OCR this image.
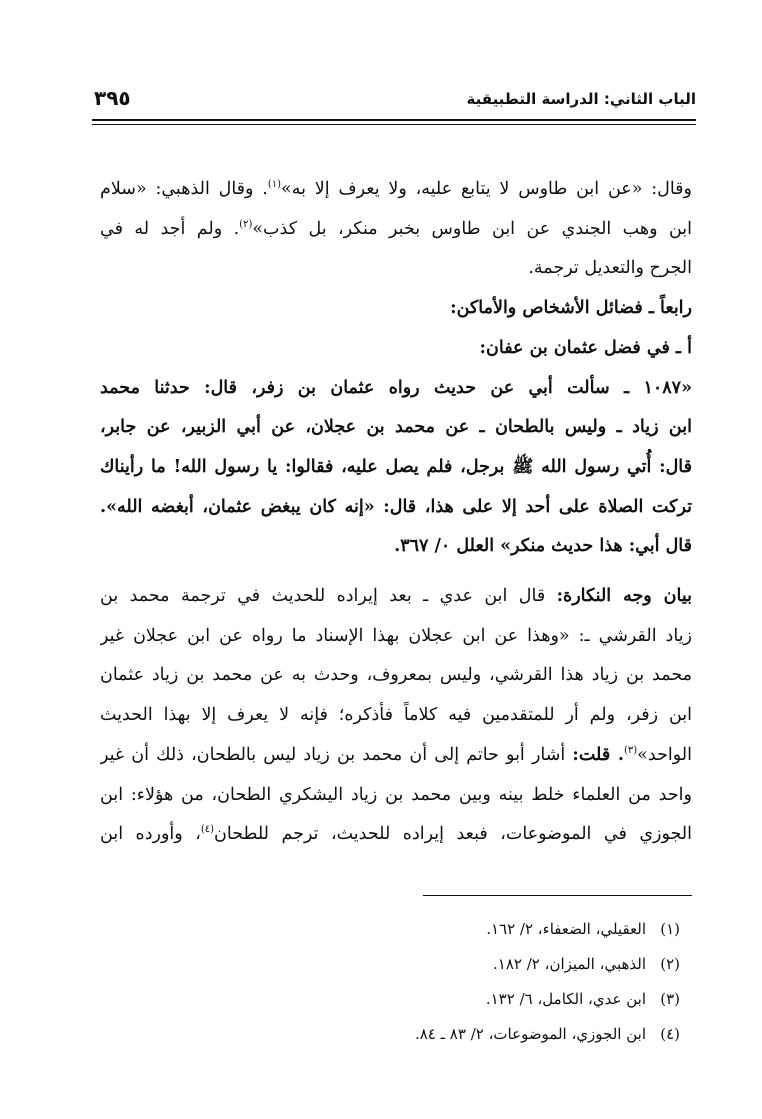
الباب الثاني: الدراسة التطبيقية
٣٩٥
وقال: «عن ابن طاوس لا يتابع عليه، ولا يعرف إلا به»$^{(١)}$. وقال الذهبي: «سلام
ابن وهب الجندي عن ابن طاوس بخبر منكر، بل كذب»$^{(٢)}$. ولم أجد له في
الجرح والتعديل ترجمة.
رابعاً ـ فضائل الأشخاص والأماكن:
أ ـ في فضل عثمان بن عفان:
«١٠٨٧ ـ سألت أبي عن حديث رواه عثمان بن زفر، قال: حدثنا محمد
ابن زياد ـ وليس بالطحان ـ عن محمد بن عجلان، عن أبي الزبير، عن جابر،
قال: أُتي رسول الله ﷺ برجل، فلم يصل عليه، فقالوا: يا رسول الله! ما رأيناك
تركت الصلاة على أحد إلا على هذا، قال: «إنه كان يبغض عثمان، أبغضه الله».
قال أبي: هذا حديث منكر» العلل ٠/ ٣٦٧.
بيان وجه النكارة: قال ابن عدي ـ بعد إيراده للحديث في ترجمة محمد بن
زياد القرشي ـ: «وهذا عن ابن عجلان بهذا الإسناد ما رواه عن ابن عجلان غير
محمد بن زياد هذا القرشي، وليس بمعروف، وحدث به عن محمد بن زياد عثمان
ابن زفر، ولم أر للمتقدمين فيه كلاماً فأذكره؛ فإنه لا يعرف إلا بهذا الحديث
الواحد»$^{(٣)}$. قلت: أشار أبو حاتم إلى أن محمد بن زياد ليس بالطحان، ذلك أن غير
واحد من العلماء خلط بينه وبين محمد بن زياد اليشكري الطحان، من هؤلاء: ابن
الجوزي في الموضوعات، فبعد إيراده للحديث، ترجم للطحان$^{(٤)}$، وأورده ابن
(١)العقيلي، الضعفاء، ٢/ ١٦٢.
(٢)الذهبي، الميزان، ٢/ ١٨٢.
(٣)ابن عدي، الكامل، ٦/ ١٣٢.
(٤)ابن الجوزي، الموضوعات، ٢/ ٨٣ ـ ٨٤.
